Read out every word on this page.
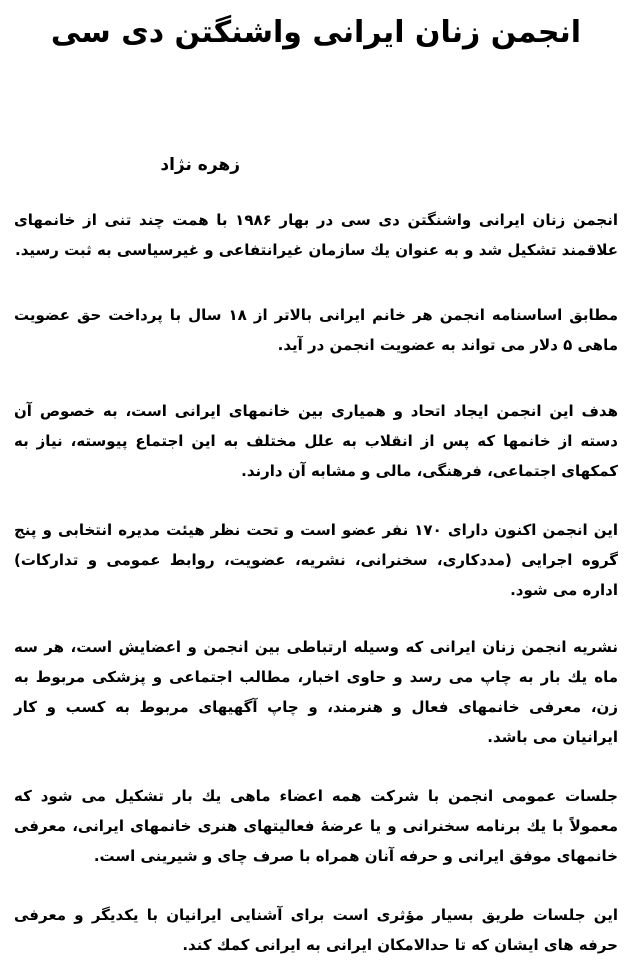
انجمن زنان ایرانی واشنگتن دی سی

زهره نژاد

انجمن زنان ایرانی واشنگتن دی سی در بهار ۱۹۸۶ با همت چند تنی از خانمهای علاقمند تشکیل شد و به عنوان یك سازمان غیرانتفاعی و غیرسیاسی به ثبت رسید.

مطابق اساسنامه انجمن هر خانم ایرانی بالاتر از ۱۸ سال با پرداخت حق عضویت ماهی ۵ دلار می تواند به عضویت انجمن در آید.

هدف این انجمن ایجاد اتحاد و همیاری بین خانمهای ایرانی است، به خصوص آن دسته از خانمها که پس از انقلاب به علل مختلف به این اجتماع پیوسته، نیاز به کمکهای اجتماعی، فرهنگی، مالی و مشابه آن دارند.

این انجمن اکنون دارای ۱۷۰ نفر عضو است و تحت نظر هیئت مدیره انتخابی و پنج گروه اجرایی (مددکاری، سخنرانی، نشریه، عضویت، روابط عمومی و تدارکات) اداره می شود.

نشریه انجمن زنان ایرانی که وسیله ارتباطی بین انجمن و اعضایش است، هر سه ماه یك بار به چاپ می رسد و حاوی اخبار، مطالب اجتماعی و پزشکی مربوط به زن، معرفی خانمهای فعال و هنرمند، و چاپ آگهیهای مربوط به کسب و کار ایرانیان می باشد.

جلسات عمومی انجمن با شرکت همه اعضاء ماهی یك بار تشکیل می شود که معمولاً با یك برنامه سخنرانی و یا عرضهٔ فعالیتهای هنری خانمهای ایرانی، معرفی خانمهای موفق ایرانی و حرفه آنان همراه با صرف چای و شیرینی است.

این جلسات طریق بسیار مؤثری است برای آشنایی ایرانیان با یکدیگر و معرفی حرفه های ایشان که تا حدالامکان ایرانی به ایرانی کمك کند.
